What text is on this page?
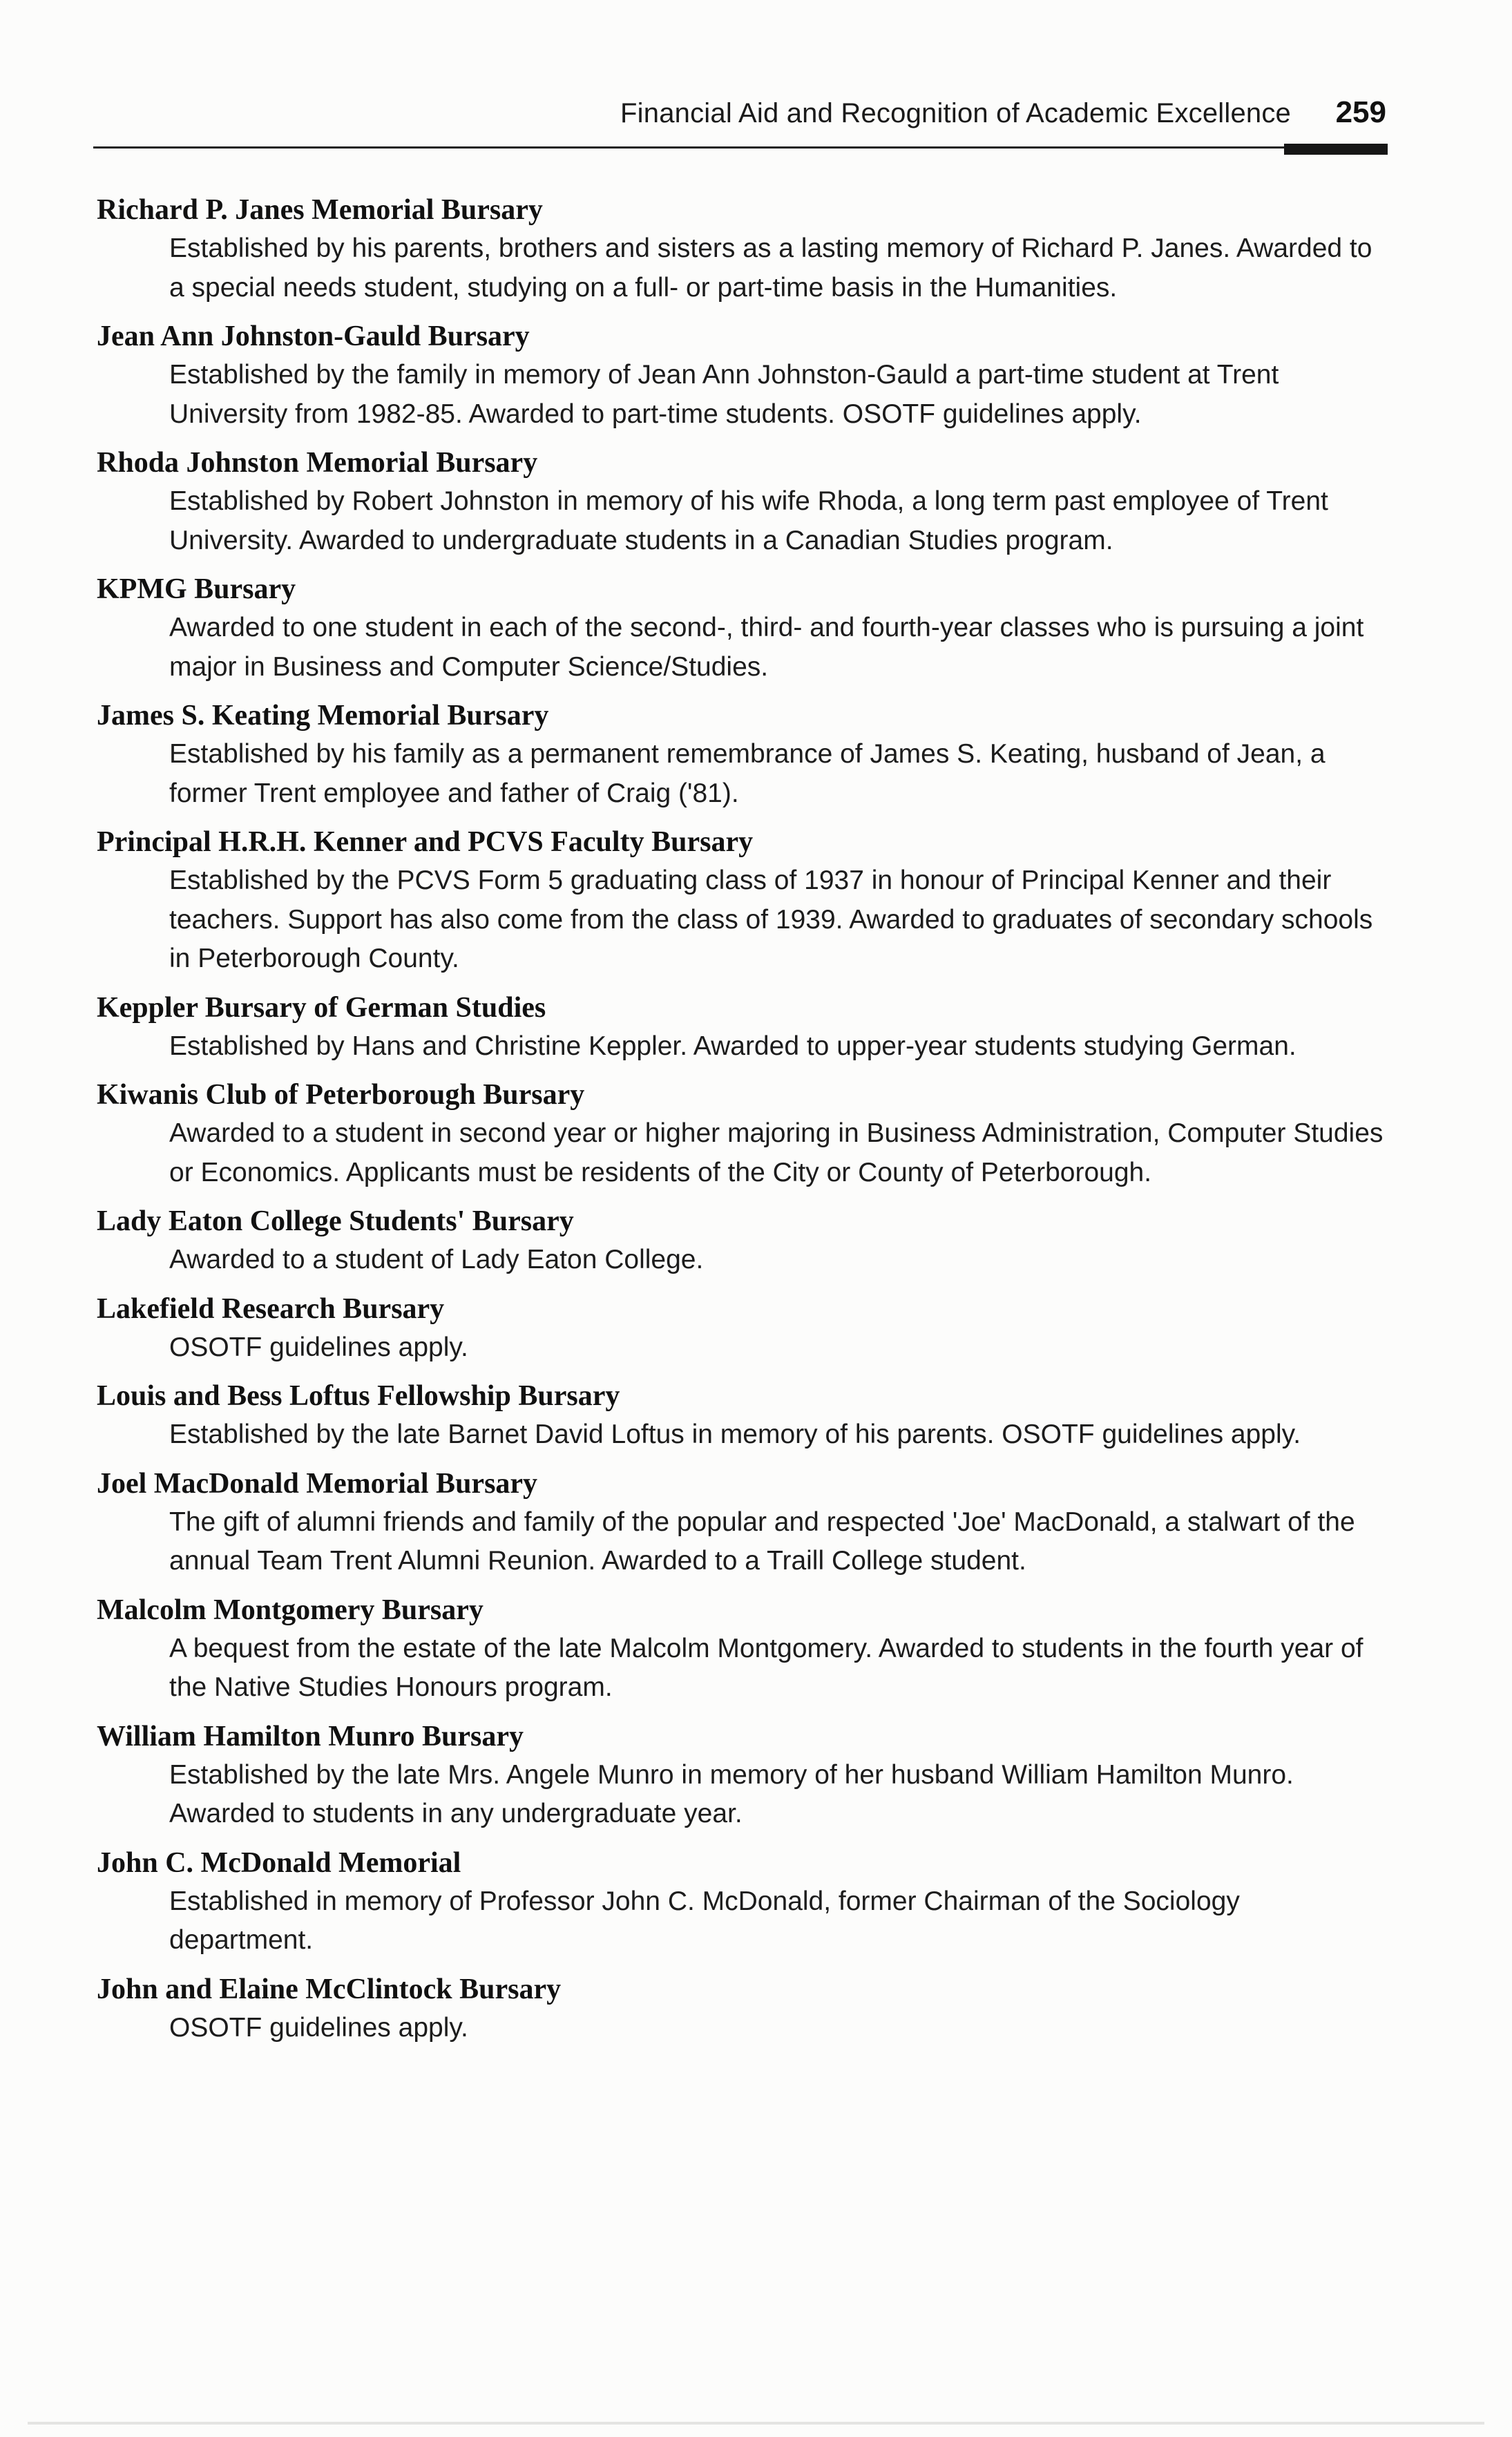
Financial Aid and Recognition of Academic Excellence 259
Richard P. Janes Memorial Bursary
Established by his parents, brothers and sisters as a lasting memory of Richard P. Janes. Awarded to a special needs student, studying on a full- or part-time basis in the Humanities.
Jean Ann Johnston-Gauld Bursary
Established by the family in memory of Jean Ann Johnston-Gauld a part-time student at Trent University from 1982-85. Awarded to part-time students. OSOTF guidelines apply.
Rhoda Johnston Memorial Bursary
Established by Robert Johnston in memory of his wife Rhoda, a long term past employee of Trent University. Awarded to undergraduate students in a Canadian Studies program.
KPMG Bursary
Awarded to one student in each of the second-, third- and fourth-year classes who is pursuing a joint major in Business and Computer Science/Studies.
James S. Keating Memorial Bursary
Established by his family as a permanent remembrance of James S. Keating, husband of Jean, a former Trent employee and father of Craig ('81).
Principal H.R.H. Kenner and PCVS Faculty Bursary
Established by the PCVS Form 5 graduating class of 1937 in honour of Principal Kenner and their teachers. Support has also come from the class of 1939. Awarded to graduates of secondary schools in Peterborough County.
Keppler Bursary of German Studies
Established by Hans and Christine Keppler. Awarded to upper-year students studying German.
Kiwanis Club of Peterborough Bursary
Awarded to a student in second year or higher majoring in Business Administration, Computer Studies or Economics. Applicants must be residents of the City or County of Peterborough.
Lady Eaton College Students' Bursary
Awarded to a student of Lady Eaton College.
Lakefield Research Bursary
OSOTF guidelines apply.
Louis and Bess Loftus Fellowship Bursary
Established by the late Barnet David Loftus in memory of his parents. OSOTF guidelines apply.
Joel MacDonald Memorial Bursary
The gift of alumni friends and family of the popular and respected 'Joe' MacDonald, a stalwart of the annual Team Trent Alumni Reunion. Awarded to a Traill College student.
Malcolm Montgomery Bursary
A bequest from the estate of the late Malcolm Montgomery. Awarded to students in the fourth year of the Native Studies Honours program.
William Hamilton Munro Bursary
Established by the late Mrs. Angele Munro in memory of her husband William Hamilton Munro. Awarded to students in any undergraduate year.
John C. McDonald Memorial
Established in memory of Professor John C. McDonald, former Chairman of the Sociology department.
John and Elaine McClintock Bursary
OSOTF guidelines apply.
